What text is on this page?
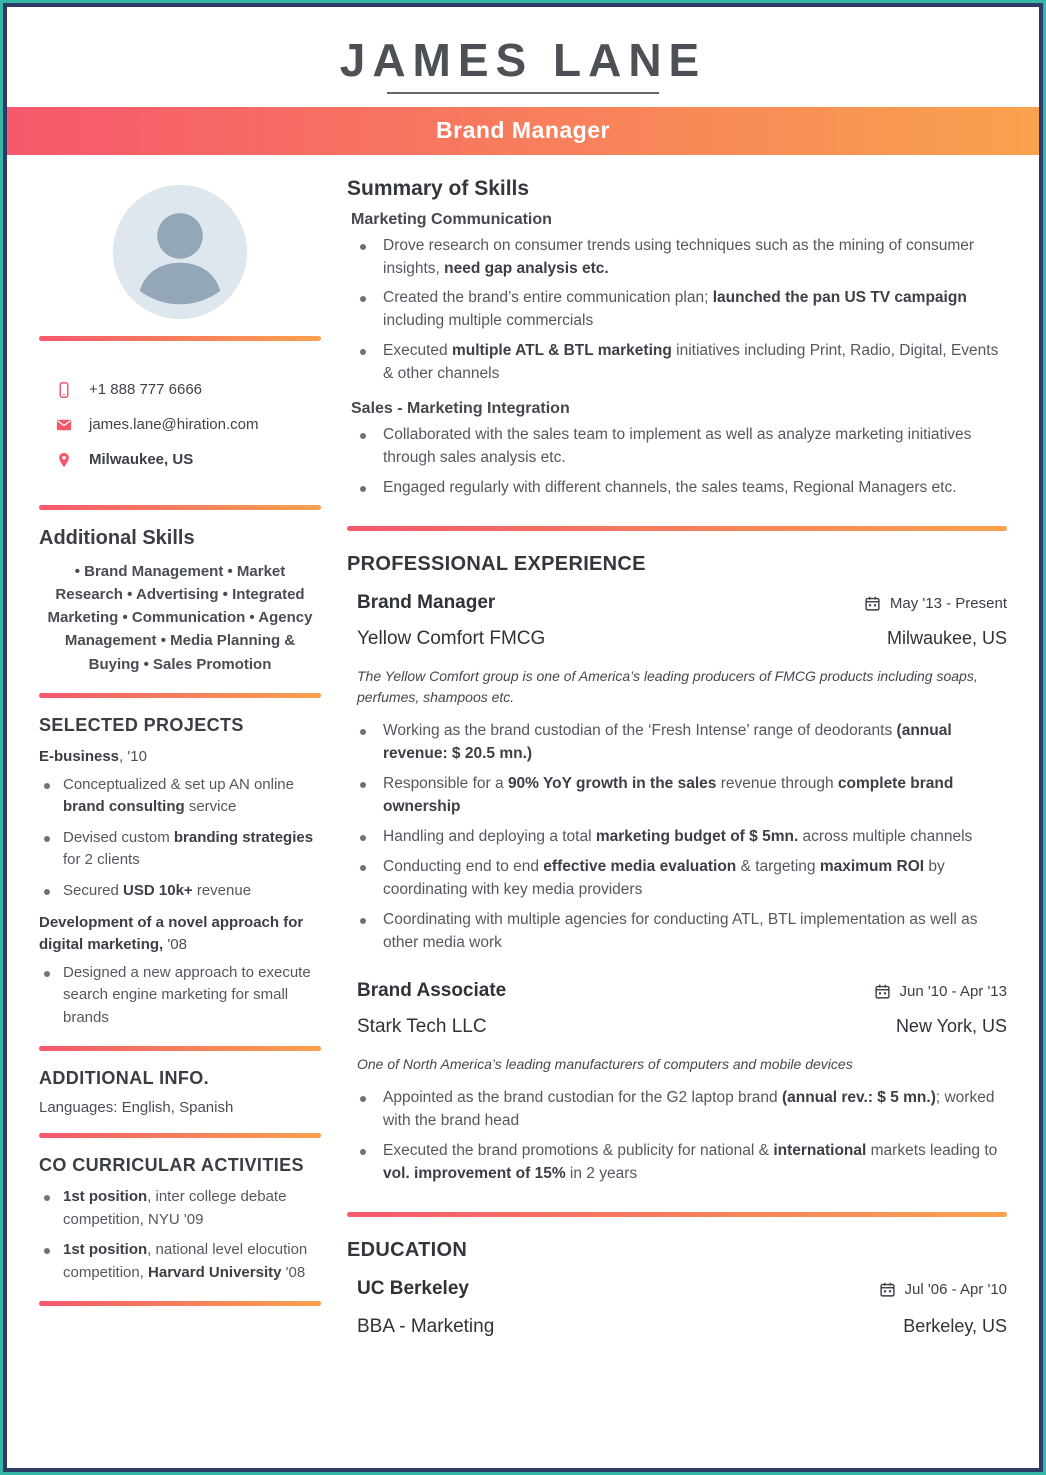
JAMES LANE
Brand Manager
+1 888 777 6666
james.lane@hiration.com
Milwaukee, US
Additional Skills
• Brand Management • Market Research • Advertising • Integrated Marketing • Communication • Agency Management • Media Planning & Buying • Sales Promotion
SELECTED PROJECTS
E-business, '10
Conceptualized & set up AN online brand consulting service
Devised custom branding strategies for 2 clients
Secured USD 10k+ revenue
Development of a novel approach for digital marketing, '08
Designed a new approach to execute search engine marketing for small brands
ADDITIONAL INFO.
Languages: English, Spanish
CO CURRICULAR ACTIVITIES
1st position, inter college debate competition, NYU '09
1st position, national level elocution competition, Harvard University '08
Summary of Skills
Marketing Communication
Drove research on consumer trends using techniques such as the mining of consumer insights, need gap analysis etc.
Created the brand’s entire communication plan; launched the pan US TV campaign including multiple commercials
Executed multiple ATL & BTL marketing initiatives including Print, Radio, Digital, Events & other channels
Sales - Marketing Integration
Collaborated with the sales team to implement as well as analyze marketing initiatives through sales analysis etc.
Engaged regularly with different channels, the sales teams, Regional Managers etc.
PROFESSIONAL EXPERIENCE
Brand Manager	May '13 - Present
Yellow Comfort FMCG	Milwaukee, US
The Yellow Comfort group is one of America’s leading producers of FMCG products including soaps, perfumes, shampoos etc.
Working as the brand custodian of the ‘Fresh Intense’ range of deodorants (annual revenue: $ 20.5 mn.)
Responsible for a 90% YoY growth in the sales revenue through complete brand ownership
Handling and deploying a total marketing budget of $ 5mn. across multiple channels
Conducting end to end effective media evaluation & targeting maximum ROI by coordinating with key media providers
Coordinating with multiple agencies for conducting ATL, BTL implementation as well as other media work
Brand Associate	Jun '10 - Apr '13
Stark Tech LLC	New York, US
One of North America’s leading manufacturers of computers and mobile devices
Appointed as the brand custodian for the G2 laptop brand (annual rev.: $ 5 mn.); worked with the brand head
Executed the brand promotions & publicity for national & international markets leading to vol. improvement of 15% in 2 years
EDUCATION
UC Berkeley	Jul '06 - Apr '10
BBA - Marketing	Berkeley, US
